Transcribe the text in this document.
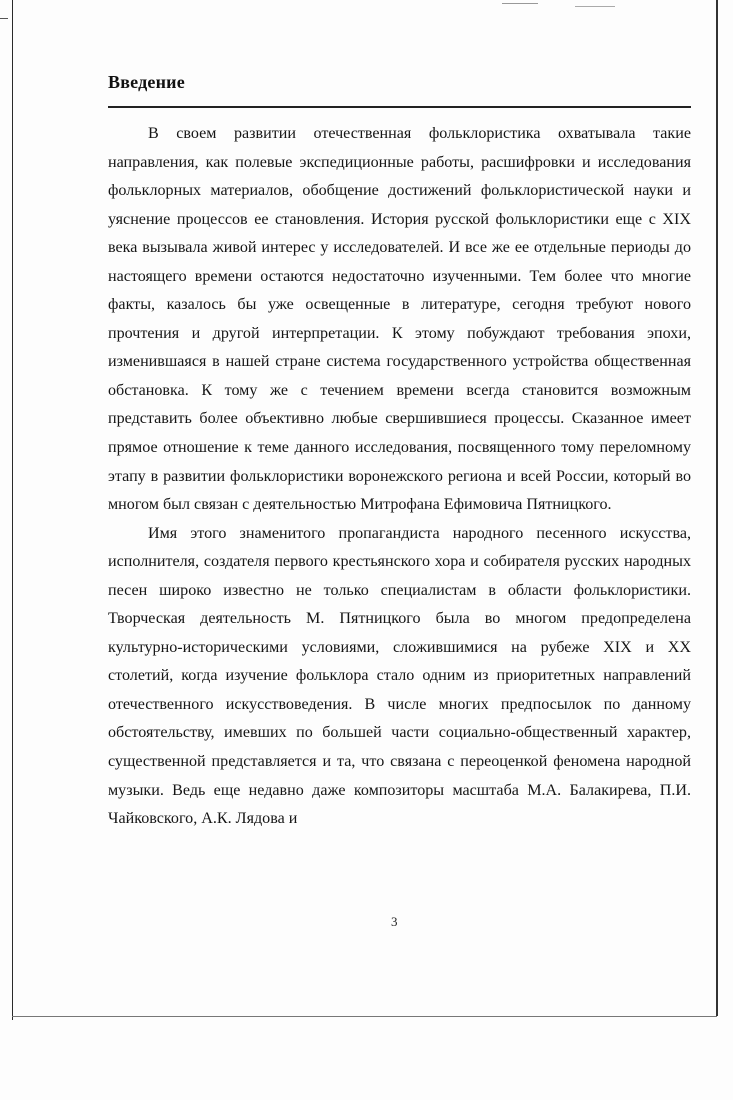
Введение

В своем развитии отечественная фольклористика охватывала такие направления, как полевые экспедиционные работы, расшифровки и исследования фольклорных материалов, обобщение достижений фольклористической науки и уяснение процессов ее становления. История русской фольклористики еще с XIX века вызывала живой интерес у исследователей. И все же ее отдельные периоды до настоящего времени остаются недостаточно изученными. Тем более что многие факты, казалось бы уже освещенные в литературе, сегодня требуют нового прочтения и другой интерпретации. К этому побуждают требования эпохи, изменившаяся в нашей стране система государственного устройства общественная обстановка. К тому же с течением времени всегда становится возможным представить более объективно любые свершившиеся процессы. Сказанное имеет прямое отношение к теме данного исследования, посвященного тому переломному этапу в развитии фольклористики воронежского региона и всей России, который во многом был связан с деятельностью Митрофана Ефимовича Пятницкого.

Имя этого знаменитого пропагандиста народного песенного искусства, исполнителя, создателя первого крестьянского хора и собирателя русских народных песен широко известно не только специалистам в области фольклористики. Творческая деятельность М. Пятницкого была во многом предопределена культурно-историческими условиями, сложившимися на рубеже XIX и XX столетий, когда изучение фольклора стало одним из приоритетных направлений отечественного искусствоведения. В числе многих предпосылок по данному обстоятельству, имевших по большей части социально-общественный характер, существенной представляется и та, что связана с переоценкой феномена народной музыки. Ведь еще недавно даже композиторы масштаба М.А. Балакирева, П.И. Чайковского, А.К. Лядова и

3
